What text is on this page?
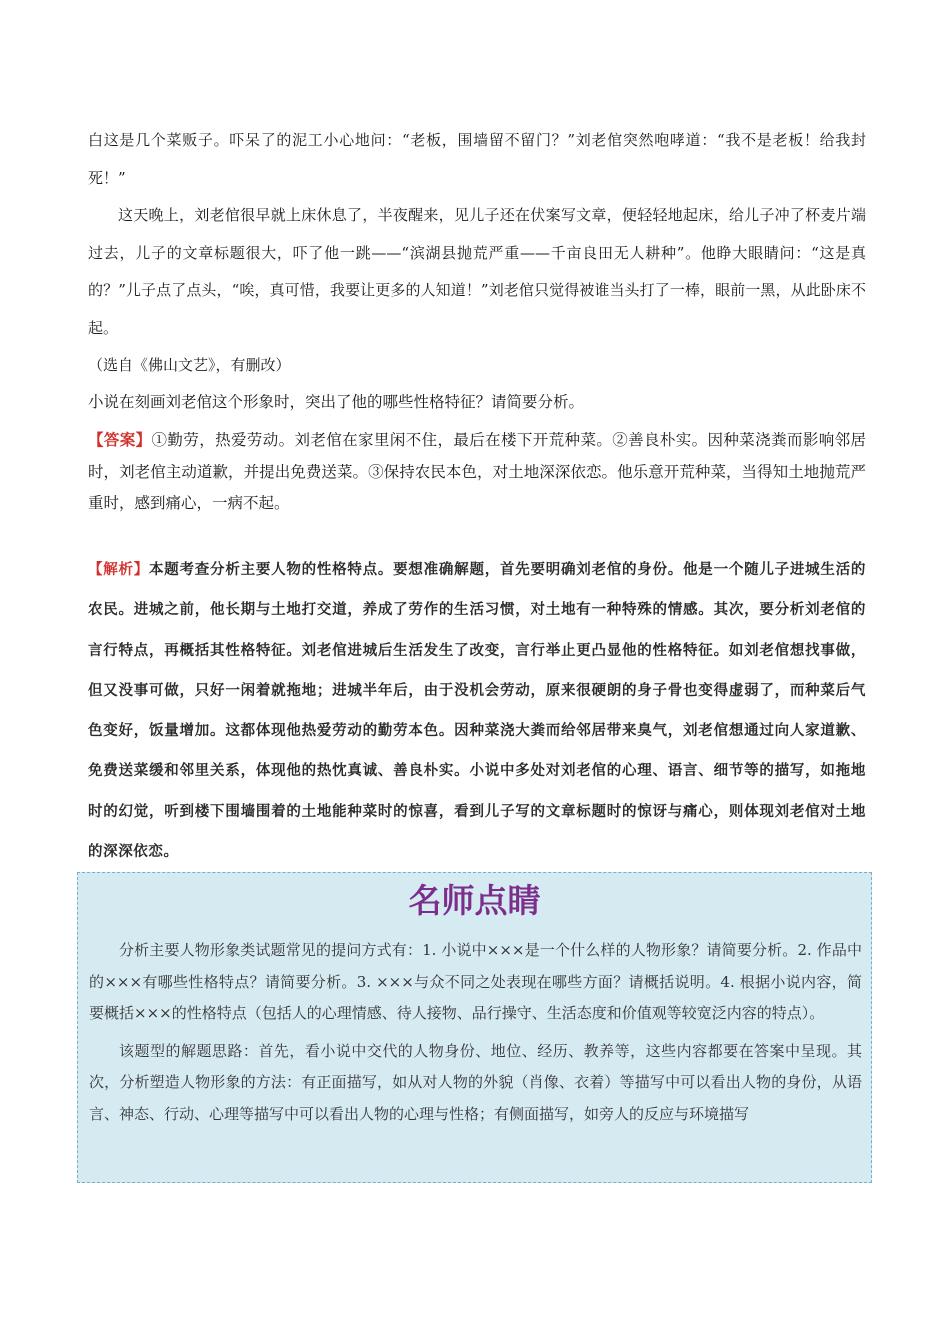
白这是几个菜贩子。吓呆了的泥工小心地问：“老板，围墙留不留门？”刘老倌突然咆哮道：“我不是老板！给我封死！”

这天晚上，刘老倌很早就上床休息了，半夜醒来，见儿子还在伏案写文章，便轻轻地起床，给儿子冲了杯麦片端过去，儿子的文章标题很大，吓了他一跳——“滨湖县抛荒严重——千亩良田无人耕种”。他睁大眼睛问：“这是真的？”儿子点了点头，“唉，真可惜，我要让更多的人知道！”刘老倌只觉得被谁当头打了一棒，眼前一黑，从此卧床不起。

（选自《佛山文艺》，有删改）

小说在刻画刘老倌这个形象时，突出了他的哪些性格特征？请简要分析。

【答案】①勤劳，热爱劳动。刘老倌在家里闲不住，最后在楼下开荒种菜。②善良朴实。因种菜浇粪而影响邻居时，刘老倌主动道歉，并提出免费送菜。③保持农民本色，对土地深深依恋。他乐意开荒种菜，当得知土地抛荒严重时，感到痛心，一病不起。
【解析】本题考查分析主要人物的性格特点。要想准确解题，首先要明确刘老倌的身份。他是一个随儿子进城生活的农民。进城之前，他长期与土地打交道，养成了劳作的生活习惯，对土地有一种特殊的情感。其次，要分析刘老倌的言行特点，再概括其性格特征。刘老倌进城后生活发生了改变，言行举止更凸显他的性格特征。如刘老倌想找事做，但又没事可做，只好一闲着就拖地；进城半年后，由于没机会劳动，原来很硬朗的身子骨也变得虚弱了，而种菜后气色变好，饭量增加。这都体现他热爱劳动的勤劳本色。因种菜浇大粪而给邻居带来臭气，刘老倌想通过向人家道歉、免费送菜缓和邻里关系，体现他的热忱真诚、善良朴实。小说中多处对刘老倌的心理、语言、细节等的描写，如拖地时的幻觉，听到楼下围墙围着的土地能种菜时的惊喜，看到儿子写的文章标题时的惊讶与痛心，则体现刘老倌对土地的深深依恋。
名师点睛

分析主要人物形象类试题常见的提问方式有：1. 小说中×××是一个什么样的人物形象？请简要分析。2. 作品中的×××有哪些性格特点？请简要分析。3. ×××与众不同之处表现在哪些方面？请概括说明。4. 根据小说内容，简要概括×××的性格特点（包括人的心理情感、待人接物、品行操守、生活态度和价值观等较宽泛内容的特点）。

该题型的解题思路：首先，看小说中交代的人物身份、地位、经历、教养等，这些内容都要在答案中呈现。其次，分析塑造人物形象的方法：有正面描写，如从对人物的外貌（肖像、衣着）等描写中可以看出人物的身份，从语言、神态、行动、心理等描写中可以看出人物的心理与性格；有侧面描写，如旁人的反应与环境描写
